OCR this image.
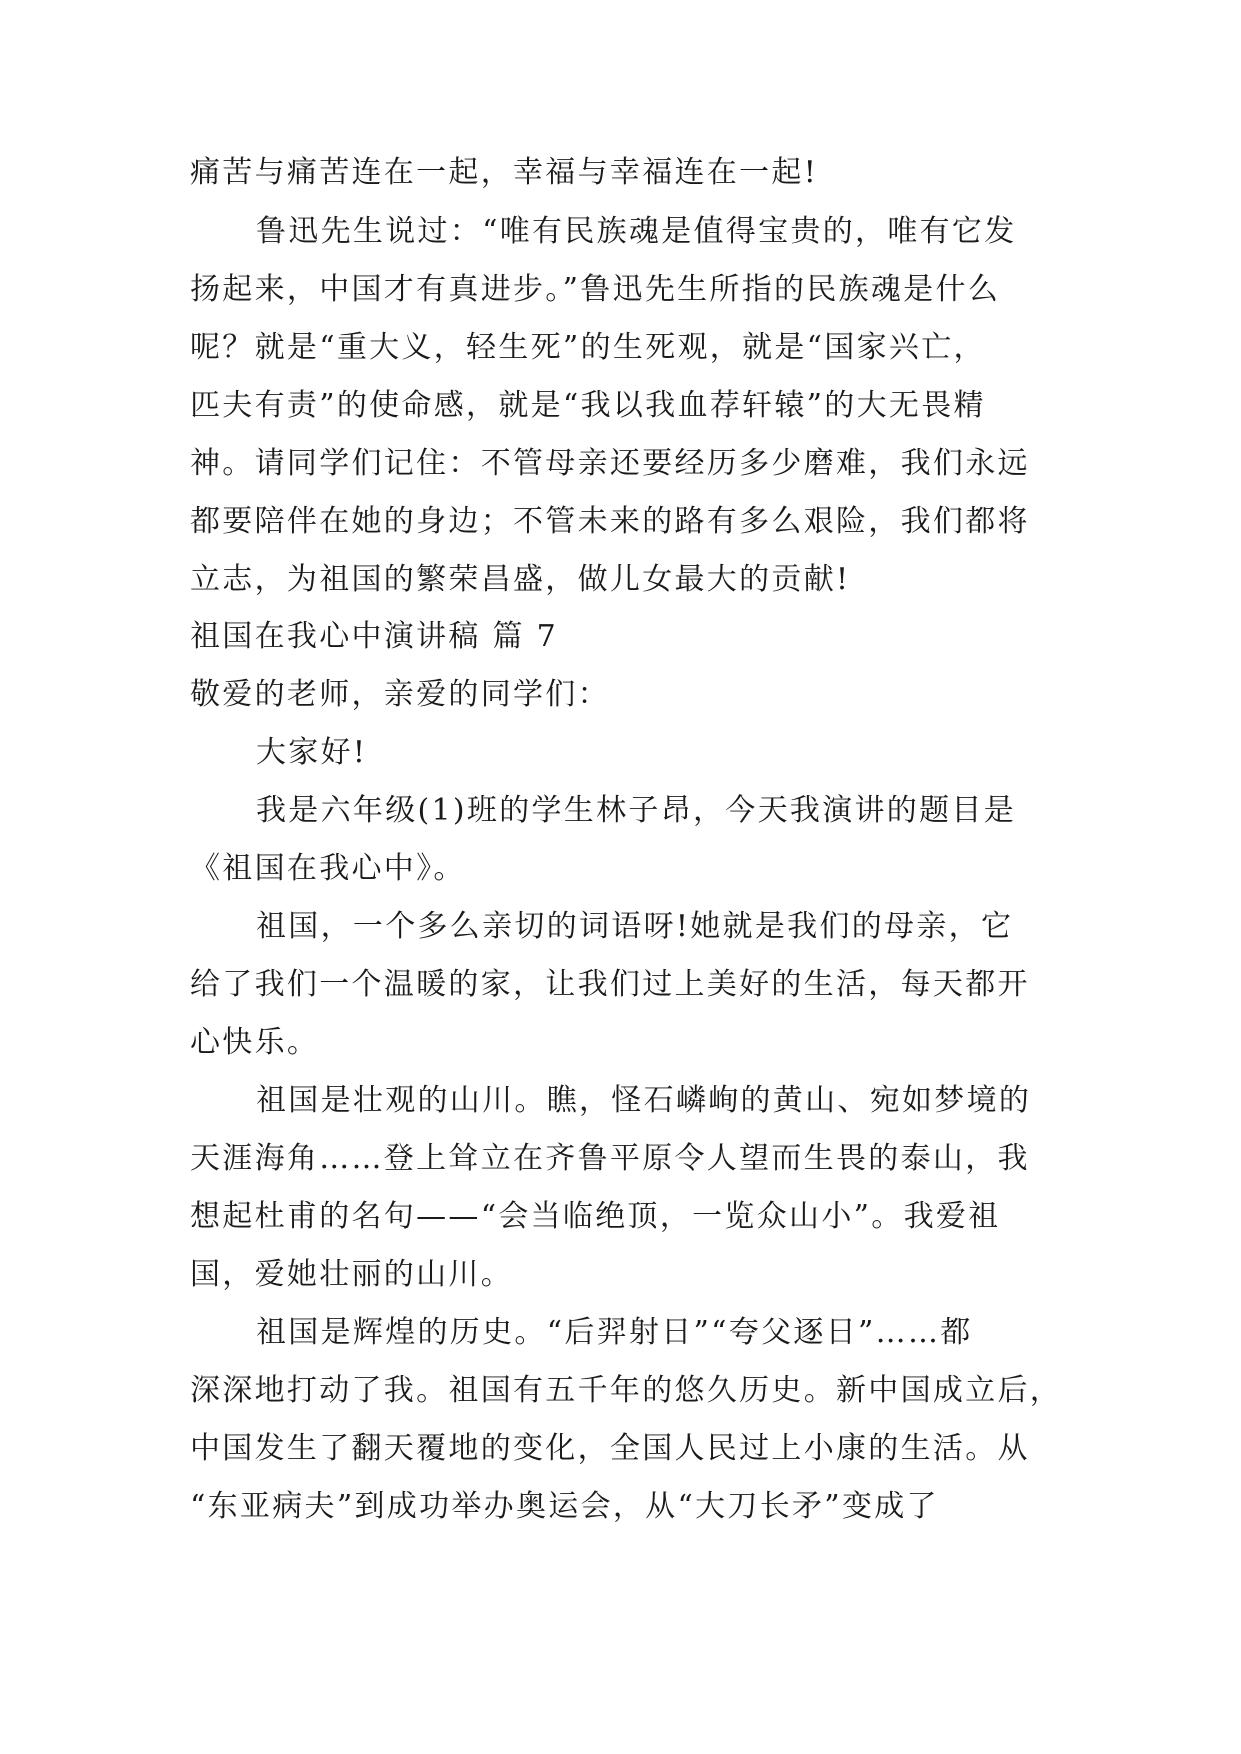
痛苦与痛苦连在一起，幸福与幸福连在一起!
鲁迅先生说过：“唯有民族魂是值得宝贵的，唯有它发
扬起来，中国才有真进步。”鲁迅先生所指的民族魂是什么
呢？就是“重大义，轻生死”的生死观，就是“国家兴亡，
匹夫有责”的使命感，就是“我以我血荐轩辕”的大无畏精
神。请同学们记住：不管母亲还要经历多少磨难，我们永远
都要陪伴在她的身边；不管未来的路有多么艰险，我们都将
立志，为祖国的繁荣昌盛，做儿女最大的贡献!
祖国在我心中演讲稿 篇 7
敬爱的老师，亲爱的同学们：
大家好!
我是六年级(1)班的学生林子昂，今天我演讲的题目是
《祖国在我心中》。
祖国，一个多么亲切的词语呀!她就是我们的母亲，它
给了我们一个温暖的家，让我们过上美好的生活，每天都开
心快乐。
祖国是壮观的山川。瞧，怪石嶙峋的黄山、宛如梦境的
天涯海角……登上耸立在齐鲁平原令人望而生畏的泰山，我
想起杜甫的名句——“会当临绝顶，一览众山小”。我爱祖
国，爱她壮丽的山川。
祖国是辉煌的历史。“后羿射日”“夸父逐日”……都
深深地打动了我。祖国有五千年的悠久历史。新中国成立后，
中国发生了翻天覆地的变化，全国人民过上小康的生活。从
“东亚病夫”到成功举办奥运会，从“大刀长矛”变成了
